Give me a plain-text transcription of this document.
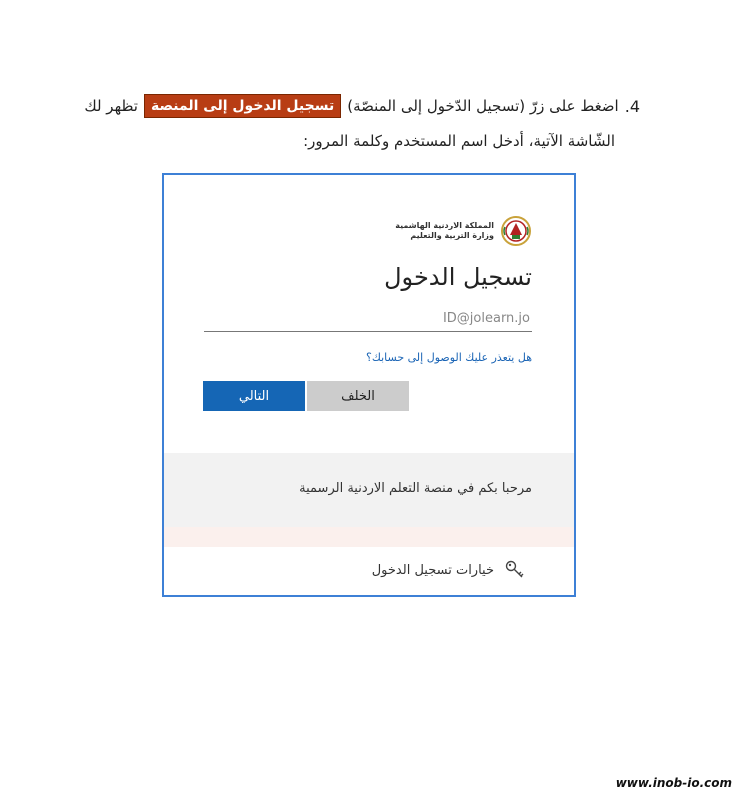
4.
اضغط على زرّ (تسجيل الدّخول إلى المنصّة)
تسجيل الدخول إلى المنصة
تظهر لك
الشّاشة الآتية، أدخل اسم المستخدم وكلمة المرور:
المملكة الاردنية الهاشمية
وزارة التربية والتعليم
تسجيل الدخول
ID@jolearn.jo
هل يتعذر عليك الوصول إلى حسابك؟
الخلف
التالي
مرحبا بكم في منصة التعلم الاردنية الرسمية
خيارات تسجيل الدخول
www.inob-io.com
